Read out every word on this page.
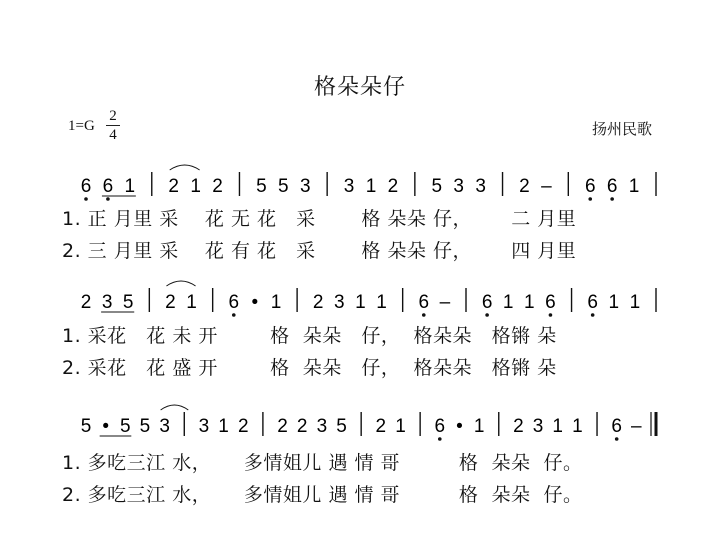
格朵朵仔
1=G
2
4	扬州民歌
6 6 1 2 1 2 5 5 3 3 1 2 5 3 3 2 – 6 6 1
2 3 5 2 1 6 • 1 2 3 1 1 6 – 6 1 1 6 6 1 1
5 • 5 5 3 3 1 2 2 2 3 5 2 1 6 • 1 2 3 1 1 6 –
1. 正 月里 采    花 无 花   采       格 朵朵 仔，      二 月里
2. 三 月里 采    花 有 花   采       格 朵朵 仔，      四 月里
1. 采花   花 未 开        格  朵朵   仔，  格朵朵   格锵 朵
2. 采花   花 盛 开        格  朵朵   仔，  格朵朵   格锵 朵
1. 多吃三江 水，     多情姐儿 遇 情 哥         格  朵朵  仔。
2. 多吃三江 水，     多情姐儿 遇 情 哥         格  朵朵  仔。
